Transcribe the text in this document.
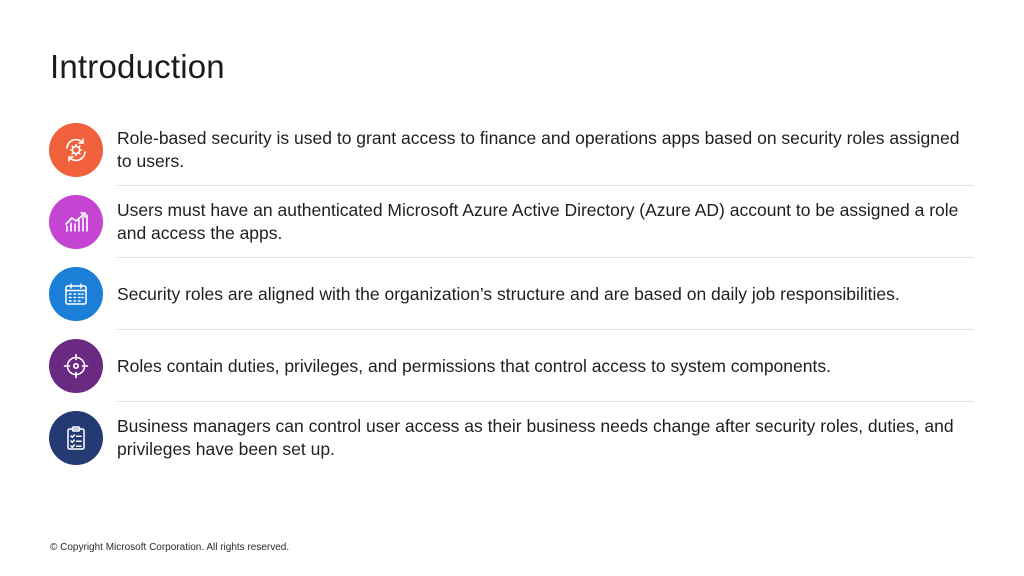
Introduction
Role-based security is used to grant access to finance and operations apps based on security roles assigned to users.
Users must have an authenticated Microsoft Azure Active Directory (Azure AD) account to be assigned a role and access the apps.
Security roles are aligned with the organization’s structure and are based on daily job responsibilities.
Roles contain duties, privileges, and permissions that control access to system components.
Business managers can control user access as their business needs change after security roles, duties, and privileges have been set up.
© Copyright Microsoft Corporation. All rights reserved.
